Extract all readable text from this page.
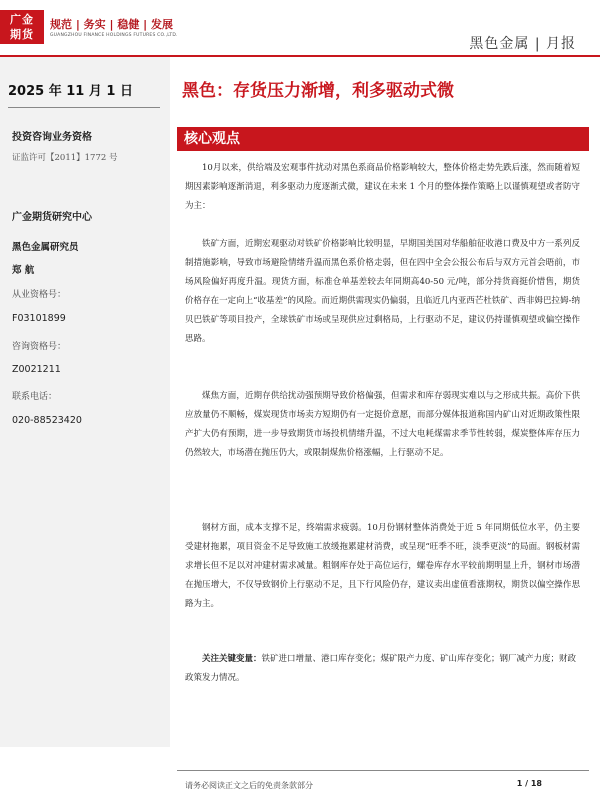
广金
期货
规范 | 务实 | 稳健 | 发展
GUANGZHOU FINANCE HOLDINGS FUTURES CO.,LTD.
黑色金属 | 月报
2025 年 11 月 1 日
投资咨询业务资格
证监许可【2011】1772 号
广金期货研究中心
黑色金属研究员
郑 航
从业资格号：
F03101899
咨询资格号：
Z0021211
联系电话：
020-88523420
黑色：存货压力渐增，利多驱动式微
核心观点
10月以来，供给端及宏观事件扰动对黑色系商品价格影响较大，整体价格走势先跌后涨，然而随着短期因素影响逐渐消退，利多驱动力度逐渐式微，建议在未来 1 个月的整体操作策略上以谨慎观望或者防守为主：
铁矿方面，近期宏观驱动对铁矿价格影响比较明显，早期国美国对华船舶征收港口费及中方一系列反制措施影响，导致市场避险情绪升温而黑色系价格走弱，但在四中全会公报公布后与双方元首会晤前，市场风险偏好再度升温。现货方面，标准仓单基差较去年同期高40-50 元/吨，部分持货商挺价惜售，期货价格存在一定向上“收基差”的风险。而近期供需现实仍偏弱，且临近几内亚西芒杜铁矿、西非姆巴拉姆-纳贝巴铁矿等项目投产，全球铁矿市场或呈现供应过剩格局，上行驱动不足，建议仍持谨慎观望或偏空操作思路。
煤焦方面，近期存供给扰动强预期导致价格偏强，但需求和库存弱现实难以与之形成共振。高价下供应放量仍不顺畅，煤炭现货市场卖方短期仍有一定挺价意愿，而部分媒体报道称国内矿山对近期政策性限产扩大仍有预期，进一步导致期货市场投机情绪升温，不过大电耗煤需求季节性转弱，煤炭整体库存压力仍然较大，市场潜在抛压仍大，或限制煤焦价格涨幅，上行驱动不足。
钢材方面，成本支撑不足，终端需求疲弱。10月份钢材整体消费处于近 5 年同期低位水平，仍主要受建材拖累，项目资金不足导致施工放缓拖累建材消费，或呈现“旺季不旺，淡季更淡”的局面。钢板材需求增长但不足以对冲建材需求减量。粗钢库存处于高位运行，螺卷库存水平较前期明显上升，钢材市场潜在抛压增大，不仅导致钢价上行驱动不足，且下行风险仍存，建议卖出虚值看涨期权，期货以偏空操作思路为主。
关注关键变量：铁矿进口增量、港口库存变化；煤矿限产力度、矿山库存变化；钢厂减产力度；财政政策发力情况。
请务必阅读正文之后的免责条款部分	1 / 18
